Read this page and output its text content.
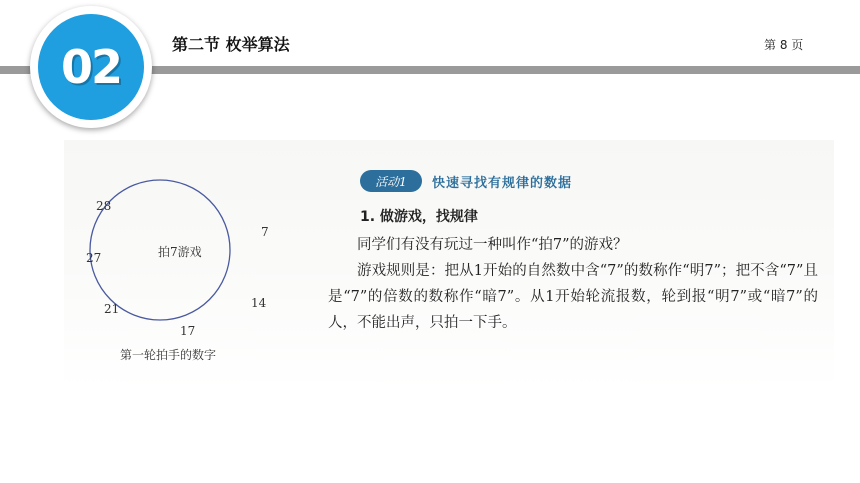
02	第二节 枚举算法	第 8 页
拍7游戏
28
7
27
14
21
17
第一轮拍手的数字
活动1	快速寻找有规律的数据
1. 做游戏，找规律

同学们有没有玩过一种叫作“拍7”的游戏？

游戏规则是：把从1开始的自然数中含“7”的数称作“明7”；把不含“7”且是“7”的倍数的数称作“暗7”。从1开始轮流报数，轮到报“明7”或“暗7”的人，不能出声，只拍一下手。
